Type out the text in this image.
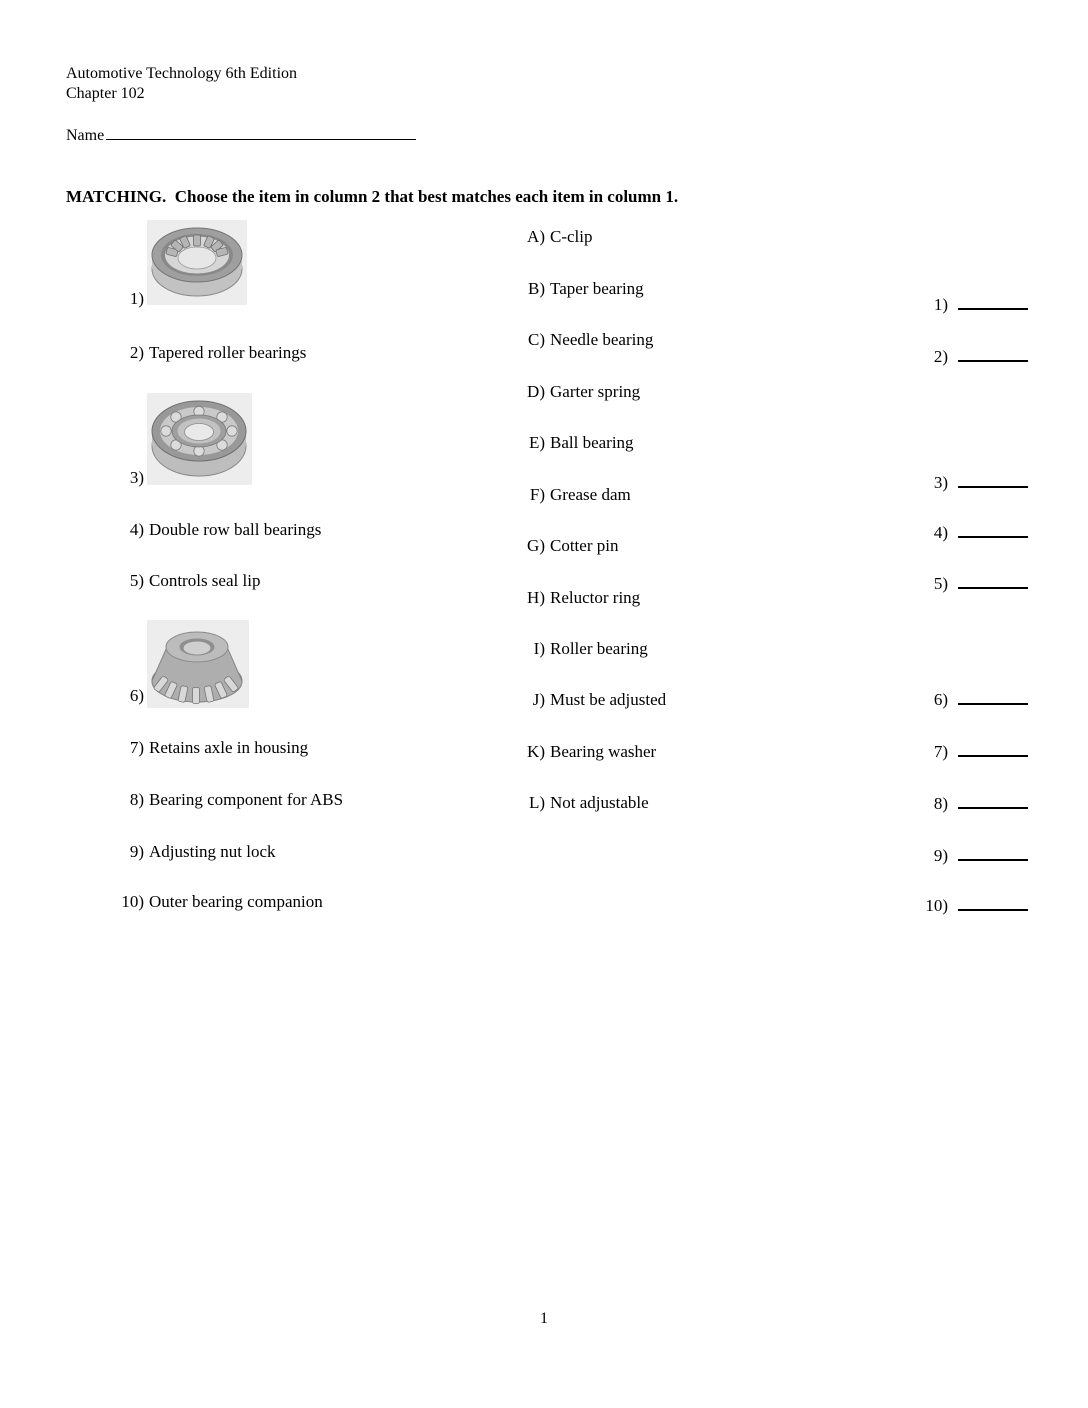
Automotive Technology 6th Edition
Chapter 102
Name
MATCHING.  Choose the item in column 2 that best matches each item in column 1.
1)
2) Tapered roller bearings
3)
4) Double row ball bearings
5) Controls seal lip
6)
7) Retains axle in housing
8) Bearing component for ABS
9) Adjusting nut lock
10) Outer bearing companion
A) C-clip
B) Taper bearing
C) Needle bearing
D) Garter spring
E) Ball bearing
F) Grease dam
G) Cotter pin
H) Reluctor ring
I) Roller bearing
J) Must be adjusted
K) Bearing washer
L) Not adjustable
1)
2)
3)
4)
5)
6)
7)
8)
9)
10)
1
